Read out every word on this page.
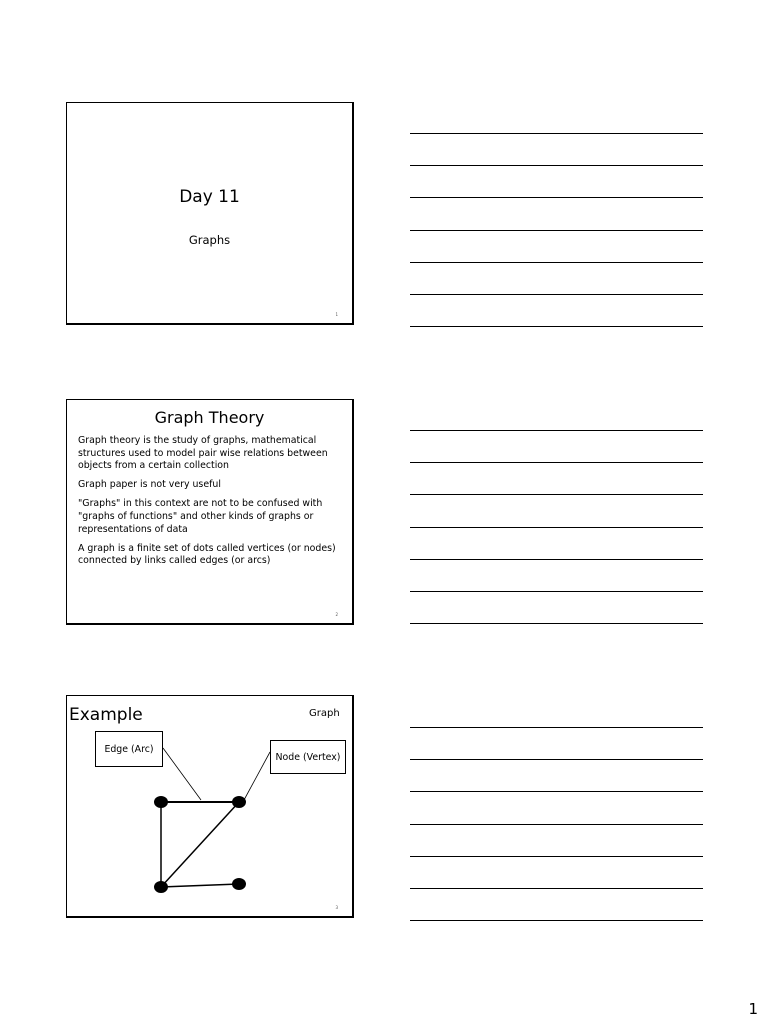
Day 11
Graphs
1
Graph Theory
Graph theory is the study of graphs, mathematical structures used to model pair wise relations between objects from a certain collection
Graph paper is not very useful
"Graphs" in this context are not to be confused with "graphs of functions" and other kinds of graphs or representations of data
A graph is a finite set of dots called vertices (or nodes) connected by links called edges (or arcs)
2
Example	Graph
Edge (Arc)
Node (Vertex)
3
1
